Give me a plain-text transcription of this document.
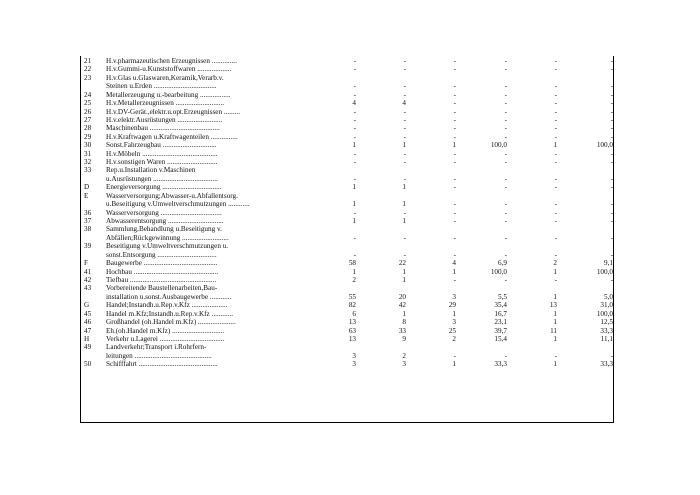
21 H.v.pharmazeutischen Erzeugnissen ..............	-	-	-	-	-	-
22 H.v.Gummi-u.Kunststoffwaren ...................	-	-	-	-	-	-
23 H.v.Glas u.Glaswaren,Keramik,Verarb.v.
Steinen u.Erden ...................................	-	-	-	-	-	-
24 Metallerzeugung u.-bearbeitung .................	-	-	-	-	-	-
25 H.v.Metallerzeugnissen ...........................	4	4	-	-	-	-
26 H.v.DV-Gerät.,elektr.u.opt.Erzeugnissen .........	-	-	-	-	-	-
27 H.v.elektr.Ausrüstungen .........................	-	-	-	-	-	-
28 Maschinenbau .......................................	-	-	-	-	-	-
29 H.v.Kraftwagen u.Kraftwagenteilen ...............	-	-	-	-	-	-
30 Sonst.Fahrzeugbau ..............................	1	1	1	100,0	1	100,0
31 H.v.Möbeln ..........................................	-	-	-	-	-	-
32 H.v.sonstigen Waren ............................	-	-	-	-	-	-
33 Rep.u.Installation v.Maschinen
u.Ausrüstungen ....................................	-	-	-	-	-	-
D Energieversorgung .................................	1	1	-	-	-	-
E Wasserversorgung;Abwasser-u.Abfallentsorg.
u.Beseitigung v.Umweltverschmutzungen ............	1	1	-	-	-	-
36 Wasserversorgung ..................................	-	-	-	-	-	-
37 Abwasserentsorgung ...............................	1	1	-	-	-	-
38 Sammlung,Behandlung u.Beseitigung v.
Abfällen;Rückgewinnung ..........................	-	-	-	-	-	-
39 Beseitigung v.Umweltverschmutzungen u.
sonst.Entsorgung .................................	-	-	-	-	-	-
F	Baugewerbe .........................................	58	22	4	6,9	2	9,1
41 Hochbau ...............................................	1	1	1	100,0	1	100,0
42 Tiefbau ................................................	2	1	-	-	-	-
43 Vorbereitende Baustellenarbeiten,Bau-
installation u.sonst.Ausbaugewerbe ............	55	20	3	5,5	1	5,0
G Handel;Instandh.u.Rep.v.Kfz ....................	82	42	29	35,4	13	31,0
45 Handel m.Kfz;Instandh.u.Rep.v.Kfz ............	6	1	1	16,7	1	100,0
46 Großhandel (oh.Handel m.Kfz) .....................	13	8	3	23,1	1	12,5
47 Eh.(oh.Handel m.Kfz) .............................	63	33	25	39,7	11	33,3
H Verkehr u.Lagerei ....................................	13	9	2	15,4	1	11,1
49 Landverkehr;Transport i.Rohrfern-
leitungen ...........................................	3	2	-	-	-	-
50 Schifffahrt ............................................	3	3	1	33,3	1	33,3
